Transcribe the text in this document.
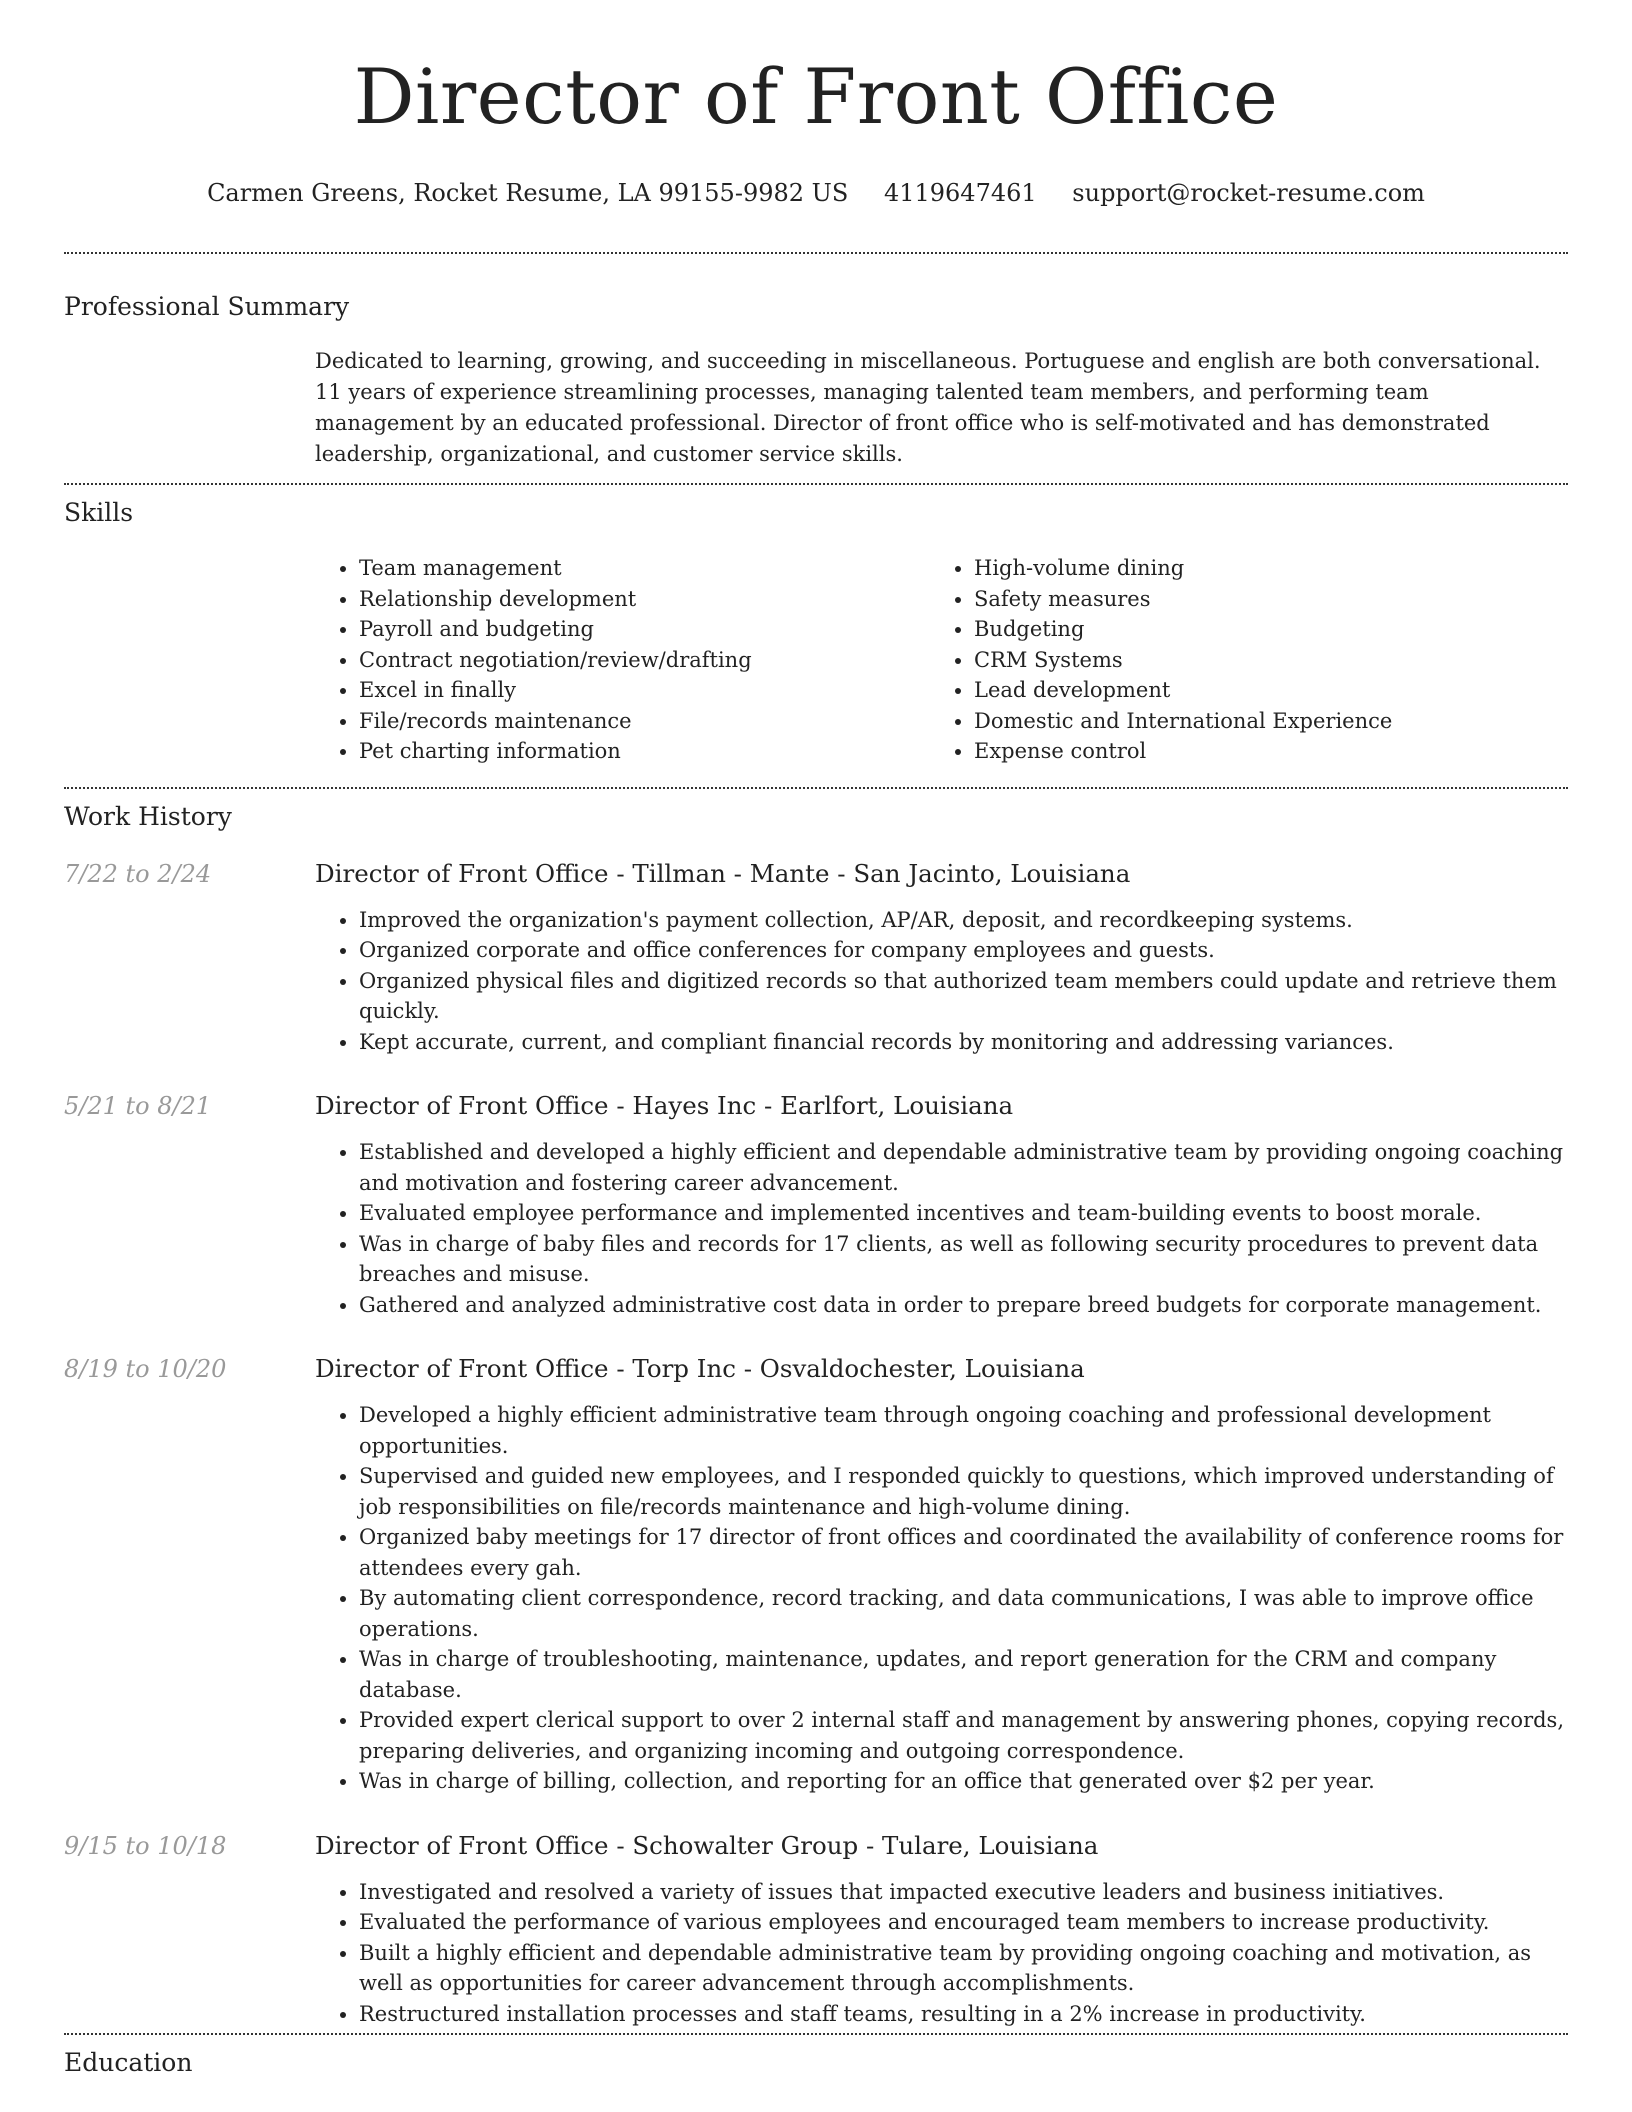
Director of Front Office
Carmen Greens, Rocket Resume, LA 99155-9982 US 4119647461 support@rocket-resume.com
Professional Summary
Dedicated to learning, growing, and succeeding in miscellaneous. Portuguese and english are both conversational. 11 years of experience streamlining processes, managing talented team members, and performing team management by an educated professional. Director of front office who is self-motivated and has demonstrated leadership, organizational, and customer service skills.
Skills
• Team management
• Relationship development
• Payroll and budgeting
• Contract negotiation/review/drafting
• Excel in finally
• File/records maintenance
• Pet charting information
• High-volume dining
• Safety measures
• Budgeting
• CRM Systems
• Lead development
• Domestic and International Experience
• Expense control
Work History
7/22 to 2/24	Director of Front Office - Tillman - Mante - San Jacinto, Louisiana
• Improved the organization's payment collection, AP/AR, deposit, and recordkeeping systems.
• Organized corporate and office conferences for company employees and guests.
• Organized physical files and digitized records so that authorized team members could update and retrieve them quickly.
• Kept accurate, current, and compliant financial records by monitoring and addressing variances.
5/21 to 8/21	Director of Front Office - Hayes Inc - Earlfort, Louisiana
• Established and developed a highly efficient and dependable administrative team by providing ongoing coaching and motivation and fostering career advancement.
• Evaluated employee performance and implemented incentives and team-building events to boost morale.
• Was in charge of baby files and records for 17 clients, as well as following security procedures to prevent data breaches and misuse.
• Gathered and analyzed administrative cost data in order to prepare breed budgets for corporate management.
8/19 to 10/20	Director of Front Office - Torp Inc - Osvaldochester, Louisiana
• Developed a highly efficient administrative team through ongoing coaching and professional development opportunities.
• Supervised and guided new employees, and I responded quickly to questions, which improved understanding of job responsibilities on file/records maintenance and high-volume dining.
• Organized baby meetings for 17 director of front offices and coordinated the availability of conference rooms for attendees every gah.
• By automating client correspondence, record tracking, and data communications, I was able to improve office operations.
• Was in charge of troubleshooting, maintenance, updates, and report generation for the CRM and company database.
• Provided expert clerical support to over 2 internal staff and management by answering phones, copying records, preparing deliveries, and organizing incoming and outgoing correspondence.
• Was in charge of billing, collection, and reporting for an office that generated over $2 per year.
9/15 to 10/18	Director of Front Office - Schowalter Group - Tulare, Louisiana
• Investigated and resolved a variety of issues that impacted executive leaders and business initiatives.
• Evaluated the performance of various employees and encouraged team members to increase productivity.
• Built a highly efficient and dependable administrative team by providing ongoing coaching and motivation, as well as opportunities for career advancement through accomplishments.
• Restructured installation processes and staff teams, resulting in a 2% increase in productivity.
Education
